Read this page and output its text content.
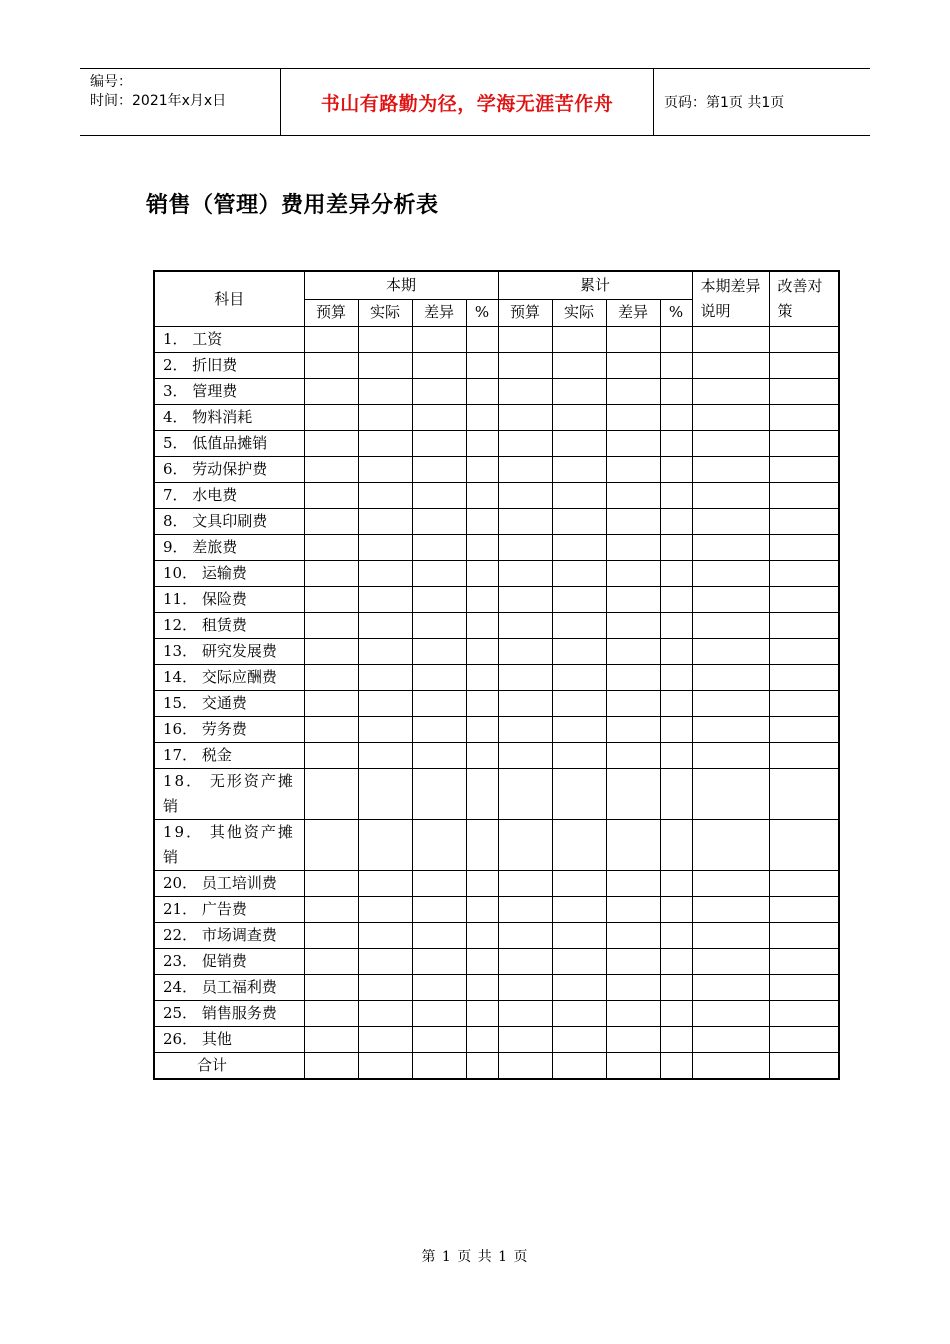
编号：
时间：2021年x月x日	书山有路勤为径，学海无涯苦作舟	页码：第1页 共1页
销售（管理）费用差异分析表
科目	本期				累计				本期差异说明	改善对策
	预算	实际	差异	%	预算	实际	差异	%		
1． 工资										
2． 折旧费										
3． 管理费										
4． 物料消耗										
5． 低值品摊销										
6． 劳动保护费										
7． 水电费										
8． 文具印刷费										
9． 差旅费										
10． 运输费										
11． 保险费										
12． 租赁费										
13． 研究发展费										
14． 交际应酬费										
15． 交通费										
16． 劳务费										
17． 税金										
18． 无形资产摊销										
19． 其他资产摊销										
20． 员工培训费										
21． 广告费										
22． 市场调查费										
23． 促销费										
24． 员工福利费										
25． 销售服务费										
26． 其他										
合计										
第 1 页 共 1 页
